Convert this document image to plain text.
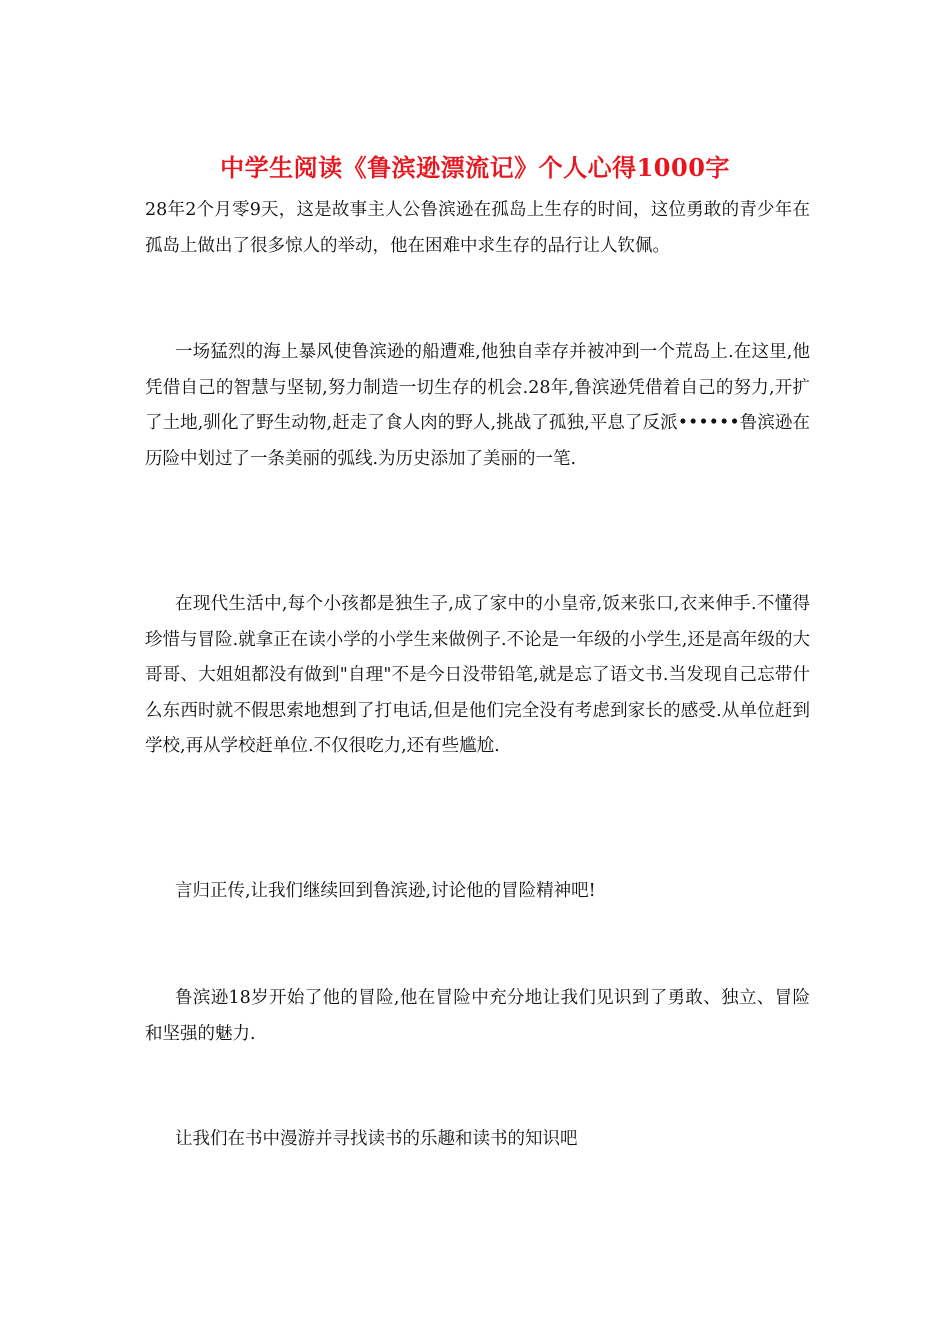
中学生阅读《鲁滨逊漂流记》个人心得1000字

28年2个月零9天，这是故事主人公鲁滨逊在孤岛上生存的时间，这位勇敢的青少年在孤岛上做出了很多惊人的举动，他在困难中求生存的品行让人钦佩。

一场猛烈的海上暴风使鲁滨逊的船遭难,他独自幸存并被冲到一个荒岛上.在这里,他凭借自己的智慧与坚韧,努力制造一切生存的机会.28年,鲁滨逊凭借着自己的努力,开扩了土地,驯化了野生动物,赶走了食人肉的野人,挑战了孤独,平息了反派••••••鲁滨逊在历险中划过了一条美丽的弧线.为历史添加了美丽的一笔.

在现代生活中,每个小孩都是独生子,成了家中的小皇帝,饭来张口,衣来伸手.不懂得珍惜与冒险.就拿正在读小学的小学生来做例子.不论是一年级的小学生,还是高年级的大哥哥、大姐姐都没有做到"自理"不是今日没带铅笔,就是忘了语文书.当发现自己忘带什么东西时就不假思索地想到了打电话,但是他们完全没有考虑到家长的感受.从单位赶到学校,再从学校赶单位.不仅很吃力,还有些尴尬.

言归正传,让我们继续回到鲁滨逊,讨论他的冒险精神吧!

鲁滨逊18岁开始了他的冒险,他在冒险中充分地让我们见识到了勇敢、独立、冒险和坚强的魅力.

让我们在书中漫游并寻找读书的乐趣和读书的知识吧
